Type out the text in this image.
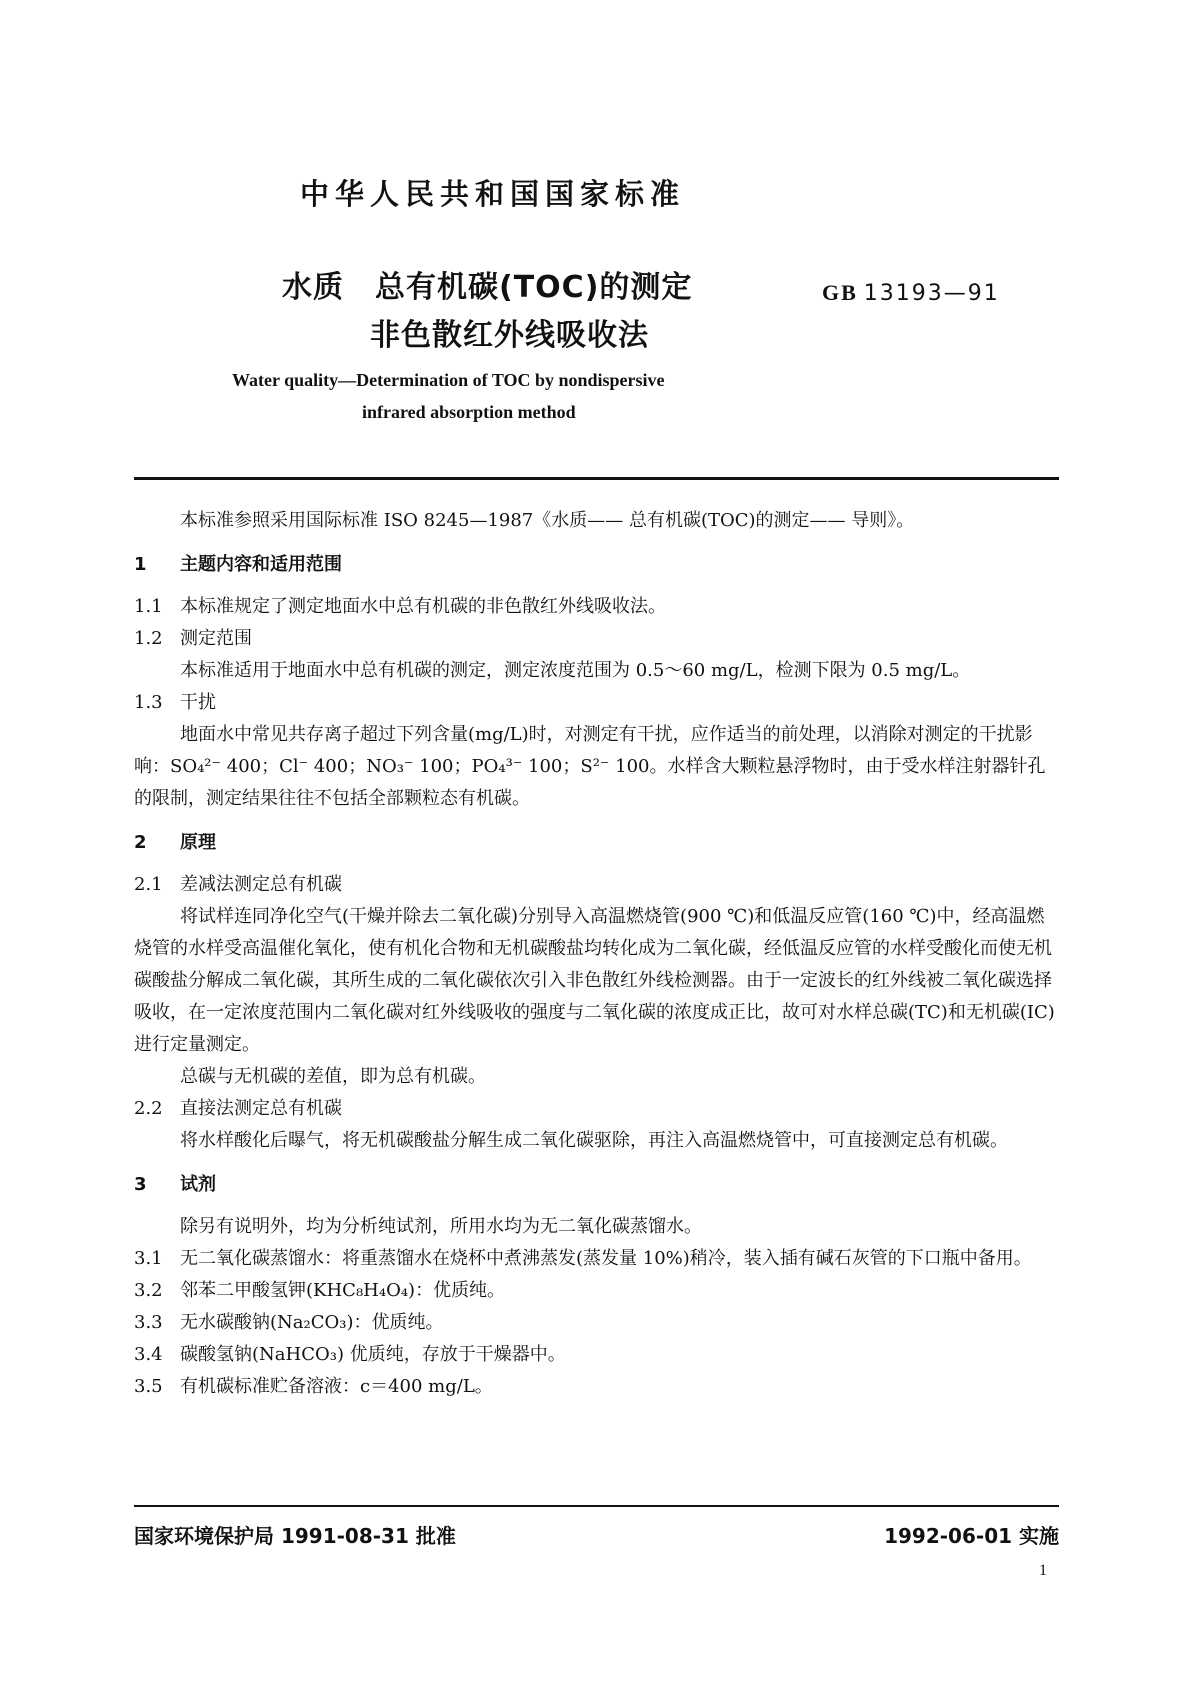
中华人民共和国国家标准
水质　总有机碳(TOC)的测定
非色散红外线吸收法
GB 13193—91
Water quality—Determination of TOC by nondispersive
infrared absorption method

本标准参照采用国际标准 ISO 8245—1987《水质—— 总有机碳(TOC)的测定—— 导则》。

1 主题内容和适用范围

1.1 本标准规定了测定地面水中总有机碳的非色散红外线吸收法。

1.2 测定范围

本标准适用于地面水中总有机碳的测定，测定浓度范围为 0.5～60 mg/L，检测下限为 0.5 mg/L。

1.3 干扰

地面水中常见共存离子超过下列含量(mg/L)时，对测定有干扰，应作适当的前处理，以消除对测定的干扰影响：SO₄²⁻ 400；Cl⁻ 400；NO₃⁻ 100；PO₄³⁻ 100；S²⁻ 100。水样含大颗粒悬浮物时，由于受水样注射器针孔的限制，测定结果往往不包括全部颗粒态有机碳。

2 原理

2.1 差减法测定总有机碳

将试样连同净化空气(干燥并除去二氧化碳)分别导入高温燃烧管(900 ℃)和低温反应管(160 ℃)中，经高温燃烧管的水样受高温催化氧化，使有机化合物和无机碳酸盐均转化成为二氧化碳，经低温反应管的水样受酸化而使无机碳酸盐分解成二氧化碳，其所生成的二氧化碳依次引入非色散红外线检测器。由于一定波长的红外线被二氧化碳选择吸收，在一定浓度范围内二氧化碳对红外线吸收的强度与二氧化碳的浓度成正比，故可对水样总碳(TC)和无机碳(IC)进行定量测定。

总碳与无机碳的差值，即为总有机碳。

2.2 直接法测定总有机碳

将水样酸化后曝气，将无机碳酸盐分解生成二氧化碳驱除，再注入高温燃烧管中，可直接测定总有机碳。

3 试剂

除另有说明外，均为分析纯试剂，所用水均为无二氧化碳蒸馏水。

3.1 无二氧化碳蒸馏水：将重蒸馏水在烧杯中煮沸蒸发(蒸发量 10%)稍冷，装入插有碱石灰管的下口瓶中备用。

3.2 邻苯二甲酸氢钾(KHC₈H₄O₄)：优质纯。

3.3 无水碳酸钠(Na₂CO₃)：优质纯。

3.4 碳酸氢钠(NaHCO₃) 优质纯，存放于干燥器中。

3.5 有机碳标准贮备溶液：c＝400 mg/L。

国家环境保护局 1991-08-31 批准	1992-06-01 实施
1
